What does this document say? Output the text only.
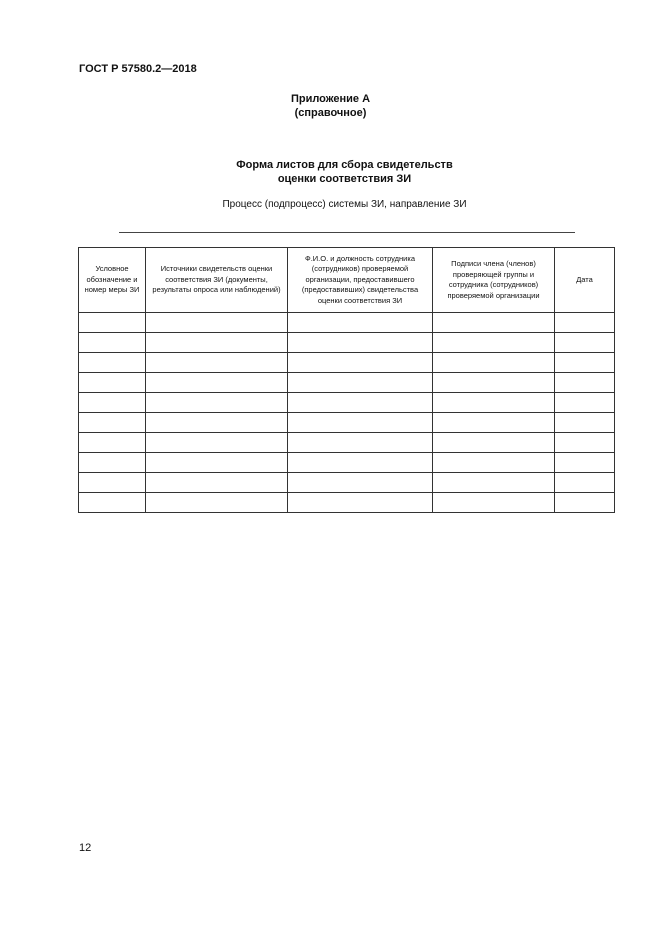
ГОСТ Р 57580.2—2018
Приложение А
(справочное)
Форма листов для сбора свидетельств
оценки соответствия ЗИ
Процесс (подпроцесс) системы ЗИ, направление ЗИ
Условное обозначение и номер меры ЗИ	Источники свидетельств оценки соответствия ЗИ (документы, результаты опроса или наблюдений)	Ф.И.О. и должность сотрудника (сотрудников) проверяемой организации, предоставившего (предоставивших) свидетельства оценки соответствия ЗИ	Подписи члена (членов) проверяющей группы и сотрудника (сотрудников) проверяемой организации	Дата

12
